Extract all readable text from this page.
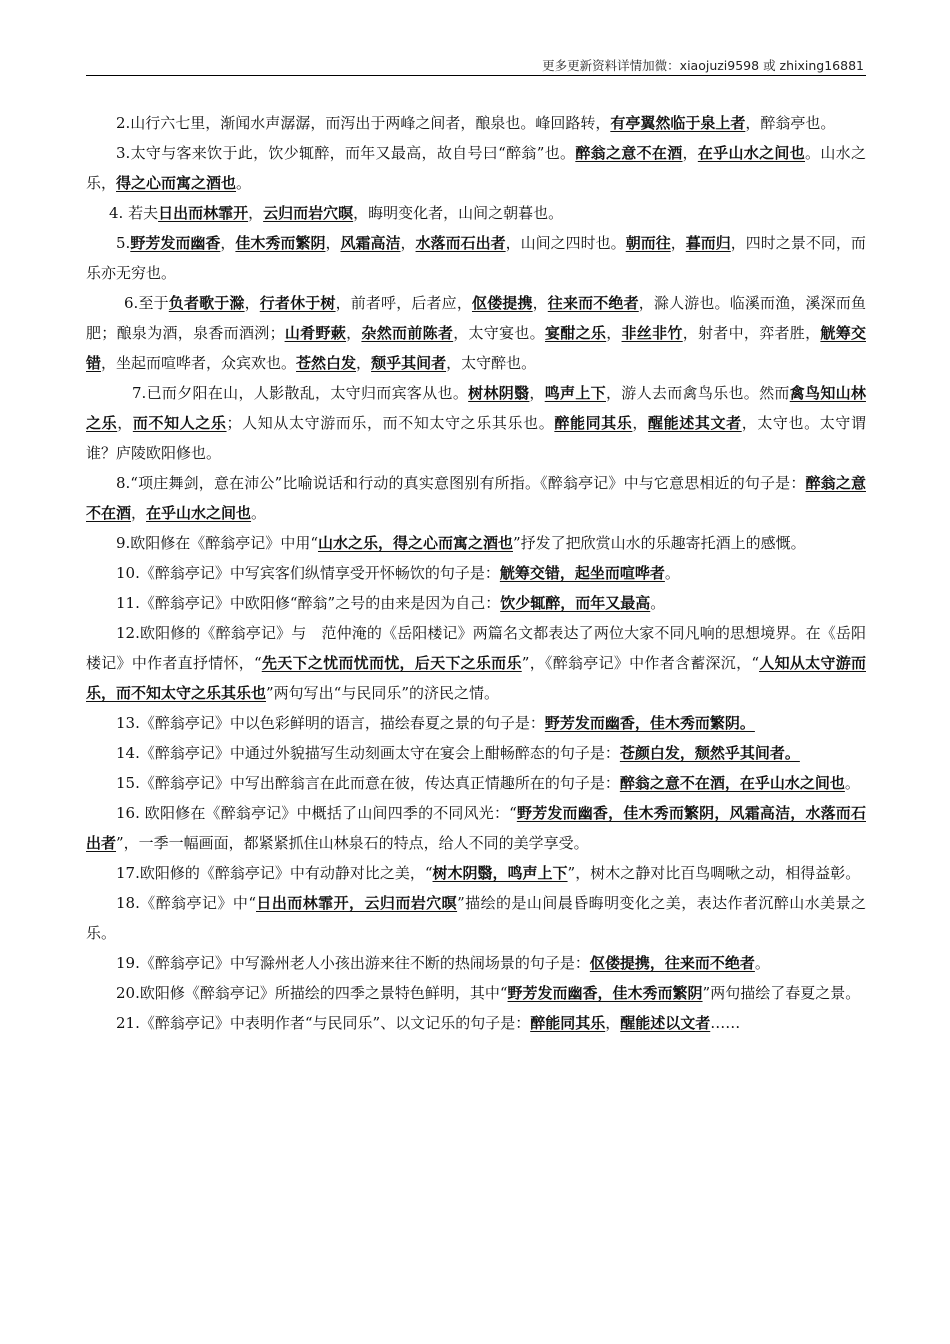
更多更新资料详情加微：xiaojuzi9598 或 zhixing16881

2.山行六七里，渐闻水声潺潺，而泻出于两峰之间者，酿泉也。峰回路转，有亭翼然临于泉上者，醉翁亭也。

3.太守与客来饮于此，饮少辄醉，而年又最高，故自号曰“醉翁”也。醉翁之意不在酒，在乎山水之间也。山水之乐，得之心而寓之酒也。

4. 若夫日出而林霏开，云归而岩穴暝，晦明变化者，山间之朝暮也。

5.野芳发而幽香，佳木秀而繁阴，风霜高洁，水落而石出者，山间之四时也。朝而往，暮而归，四时之景不同，而乐亦无穷也。

6.至于负者歌于滁，行者休于树，前者呼，后者应，伛偻提携，往来而不绝者，滁人游也。临溪而渔，溪深而鱼肥；酿泉为酒，泉香而酒洌；山肴野蔌，杂然而前陈者，太守宴也。宴酣之乐，非丝非竹，射者中，弈者胜，觥筹交错，坐起而喧哗者，众宾欢也。苍然白发，颓乎其间者，太守醉也。

7.已而夕阳在山，人影散乱，太守归而宾客从也。树林阴翳，鸣声上下，游人去而禽鸟乐也。然而禽鸟知山林之乐，而不知人之乐；人知从太守游而乐，而不知太守之乐其乐也。醉能同其乐，醒能述其文者，太守也。太守谓谁？庐陵欧阳修也。

8.“项庄舞剑，意在沛公”比喻说话和行动的真实意图别有所指。《醉翁亭记》中与它意思相近的句子是：醉翁之意不在酒，在乎山水之间也。

9.欧阳修在《醉翁亭记》中用“山水之乐，得之心而寓之酒也”抒发了把欣赏山水的乐趣寄托酒上的感慨。

10.《醉翁亭记》中写宾客们纵情享受开怀畅饮的句子是：觥筹交错，起坐而喧哗者。

11.《醉翁亭记》中欧阳修“醉翁”之号的由来是因为自己：饮少辄醉，而年又最高。

12.欧阳修的《醉翁亭记》与　范仲淹的《岳阳楼记》两篇名文都表达了两位大家不同凡响的思想境界。在《岳阳楼记》中作者直抒情怀，“先天下之忧而忧而忧，后天下之乐而乐”，《醉翁亭记》中作者含蓄深沉，“人知从太守游而乐，而不知太守之乐其乐也”两句写出“与民同乐”的济民之情。

13.《醉翁亭记》中以色彩鲜明的语言，描绘春夏之景的句子是：野芳发而幽香，佳木秀而繁阴。

14.《醉翁亭记》中通过外貌描写生动刻画太守在宴会上酣畅醉态的句子是：苍颜白发，颓然乎其间者。

15.《醉翁亭记》中写出醉翁言在此而意在彼，传达真正情趣所在的句子是：醉翁之意不在酒，在乎山水之间也。

16. 欧阳修在《醉翁亭记》中概括了山间四季的不同风光：“野芳发而幽香，佳木秀而繁阴，风霜高洁，水落而石出者”，一季一幅画面，都紧紧抓住山林泉石的特点，给人不同的美学享受。

17.欧阳修的《醉翁亭记》中有动静对比之美，“树木阴翳，鸣声上下”，树木之静对比百鸟啁啾之动，相得益彰。

18.《醉翁亭记》中“日出而林霏开，云归而岩穴暝”描绘的是山间晨昏晦明变化之美，表达作者沉醉山水美景之乐。

19.《醉翁亭记》中写滁州老人小孩出游来往不断的热闹场景的句子是：伛偻提携，往来而不绝者。

20.欧阳修《醉翁亭记》所描绘的四季之景特色鲜明，其中“野芳发而幽香，佳木秀而繁阴”两句描绘了春夏之景。

21.《醉翁亭记》中表明作者“与民同乐”、以文记乐的句子是：醉能同其乐，醒能述以文者……
